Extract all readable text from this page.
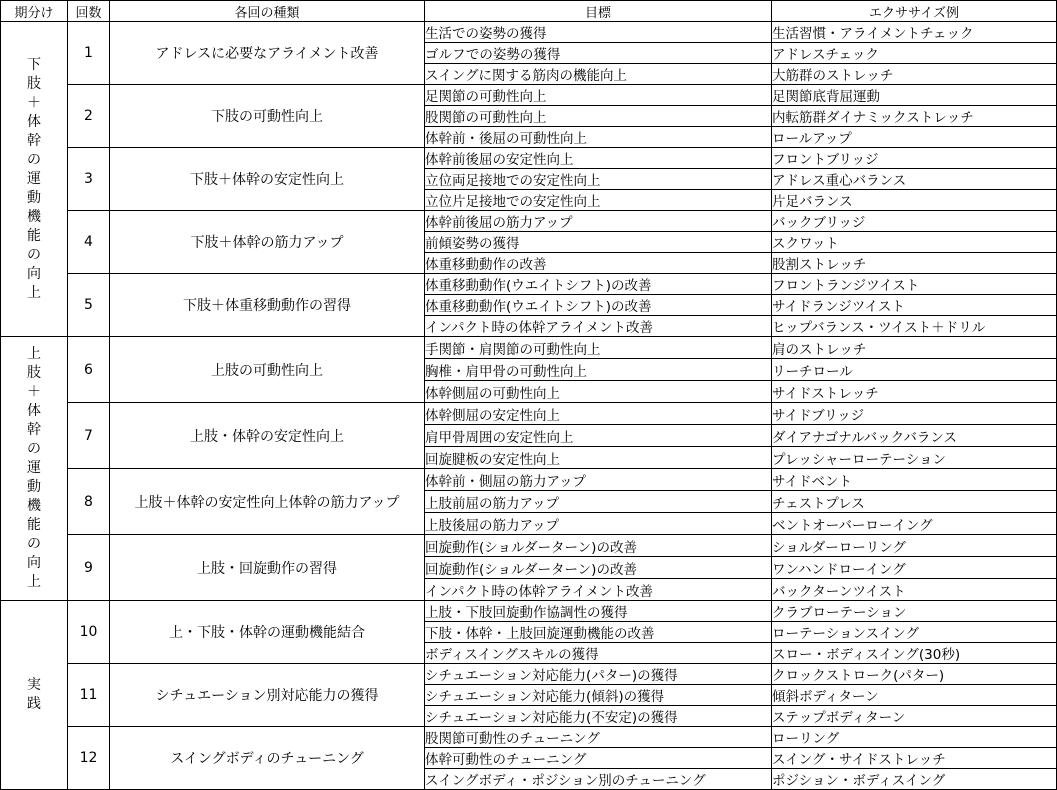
期分け	回数	各回の種類	目標	エクササイズ例
下肢＋体幹の運動機能の向上	1	アドレスに必要なアライメント改善	生活での姿勢の獲得	生活習慣・アライメントチェック
			ゴルフでの姿勢の獲得	アドレスチェック
			スイングに関する筋肉の機能向上	大筋群のストレッチ
	2	下肢の可動性向上	足関節の可動性向上	足関節底背屈運動
			股関節の可動性向上	内転筋群ダイナミックストレッチ
			体幹前・後屈の可動性向上	ロールアップ
	3	下肢＋体幹の安定性向上	体幹前後屈の安定性向上	フロントブリッジ
			立位両足接地での安定性向上	アドレス重心バランス
			立位片足接地での安定性向上	片足バランス
	4	下肢＋体幹の筋力アップ	体幹前後屈の筋力アップ	バックブリッジ
			前傾姿勢の獲得	スクワット
			体重移動動作の改善	股割ストレッチ
	5	下肢＋体重移動動作の習得	体重移動動作(ウエイトシフト)の改善	フロントランジツイスト
			体重移動動作(ウエイトシフト)の改善	サイドランジツイスト
			インパクト時の体幹アライメント改善	ヒップバランス・ツイスト＋ドリル
上肢＋体幹の運動機能の向上	6	上肢の可動性向上	手関節・肩関節の可動性向上	肩のストレッチ
			胸椎・肩甲骨の可動性向上	リーチロール
			体幹側屈の可動性向上	サイドストレッチ
	7	上肢・体幹の安定性向上	体幹側屈の安定性向上	サイドブリッジ
			肩甲骨周囲の安定性向上	ダイアナゴナルバックバランス
			回旋腱板の安定性向上	プレッシャーローテーション
	8	上肢＋体幹の安定性向上体幹の筋力アップ	体幹前・側屈の筋力アップ	サイドベント
			上肢前屈の筋力アップ	チェストプレス
			上肢後屈の筋力アップ	ベントオーバーローイング
	9	上肢・回旋動作の習得	回旋動作(ショルダーターン)の改善	ショルダーローリング
			回旋動作(ショルダーターン)の改善	ワンハンドローイング
			インパクト時の体幹アライメント改善	バックターンツイスト
実践	10	上・下肢・体幹の運動機能結合	上肢・下肢回旋動作協調性の獲得	クラブローテーション
			下肢・体幹・上肢回旋運動機能の改善	ローテーションスイング
			ボディスイングスキルの獲得	スロー・ボディスイング(30秒)
	11	シチュエーション別対応能力の獲得	シチュエーション対応能力(パター)の獲得	クロックストローク(パター)
			シチュエーション対応能力(傾斜)の獲得	傾斜ボディターン
			シチュエーション対応能力(不安定)の獲得	ステップボディターン
	12	スイングボディのチューニング	股関節可動性のチューニング	ローリング
			体幹可動性のチューニング	スイング・サイドストレッチ
			スイングボディ・ポジション別のチューニング	ポジション・ボディスイング
